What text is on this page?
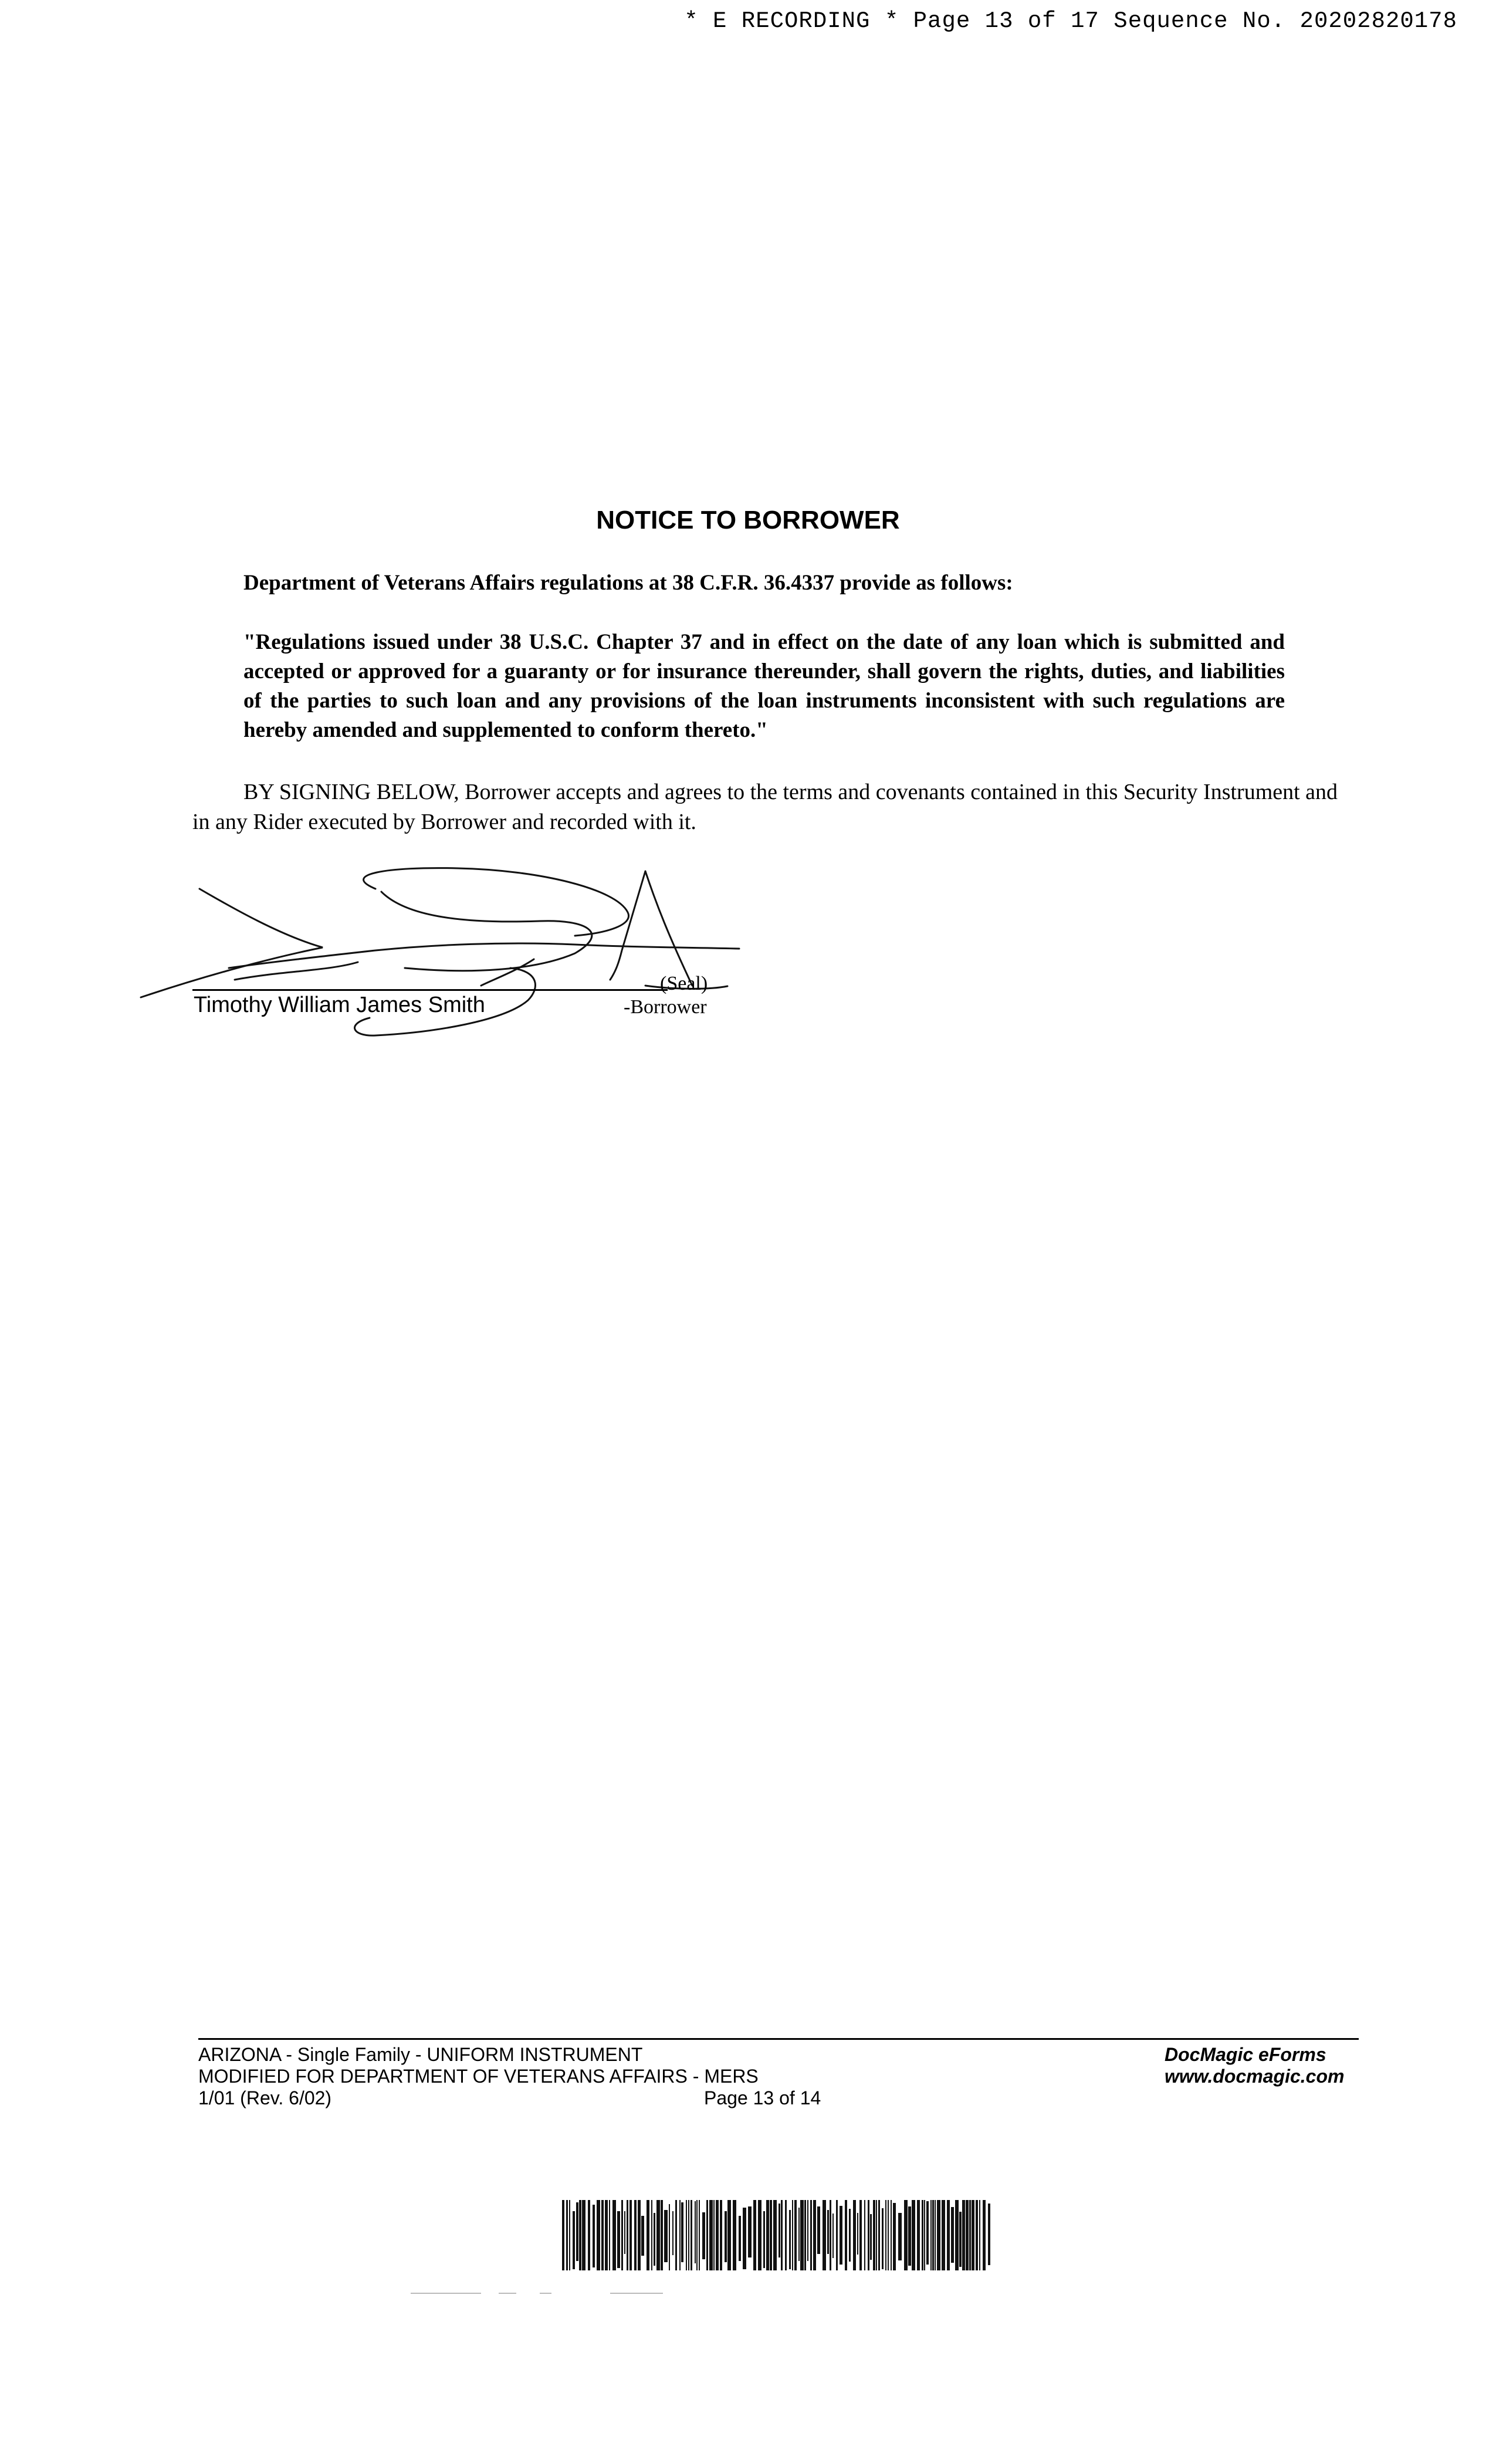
* E RECORDING * Page 13 of 17 Sequence No. 20202820178
NOTICE TO BORROWER
Department of Veterans Affairs regulations at 38 C.F.R. 36.4337 provide as follows:
"Regulations issued under 38 U.S.C. Chapter 37 and in effect on the date of any loan which is submitted and accepted or approved for a guaranty or for insurance thereunder, shall govern the rights, duties, and liabilities of the parties to such loan and any provisions of the loan instruments inconsistent with such regulations are hereby amended and supplemented to conform thereto."
BY SIGNING BELOW, Borrower accepts and agrees to the terms and covenants contained in this Security Instrument and in any Rider executed by Borrower and recorded with it.
(Seal)
Timothy William James Smith	-Borrower
ARIZONA - Single Family - UNIFORM INSTRUMENT
MODIFIED FOR DEPARTMENT OF VETERANS AFFAIRS - MERS
1/01 (Rev. 6/02)	Page 13 of 14
DocMagic eForms
www.docmagic.com
